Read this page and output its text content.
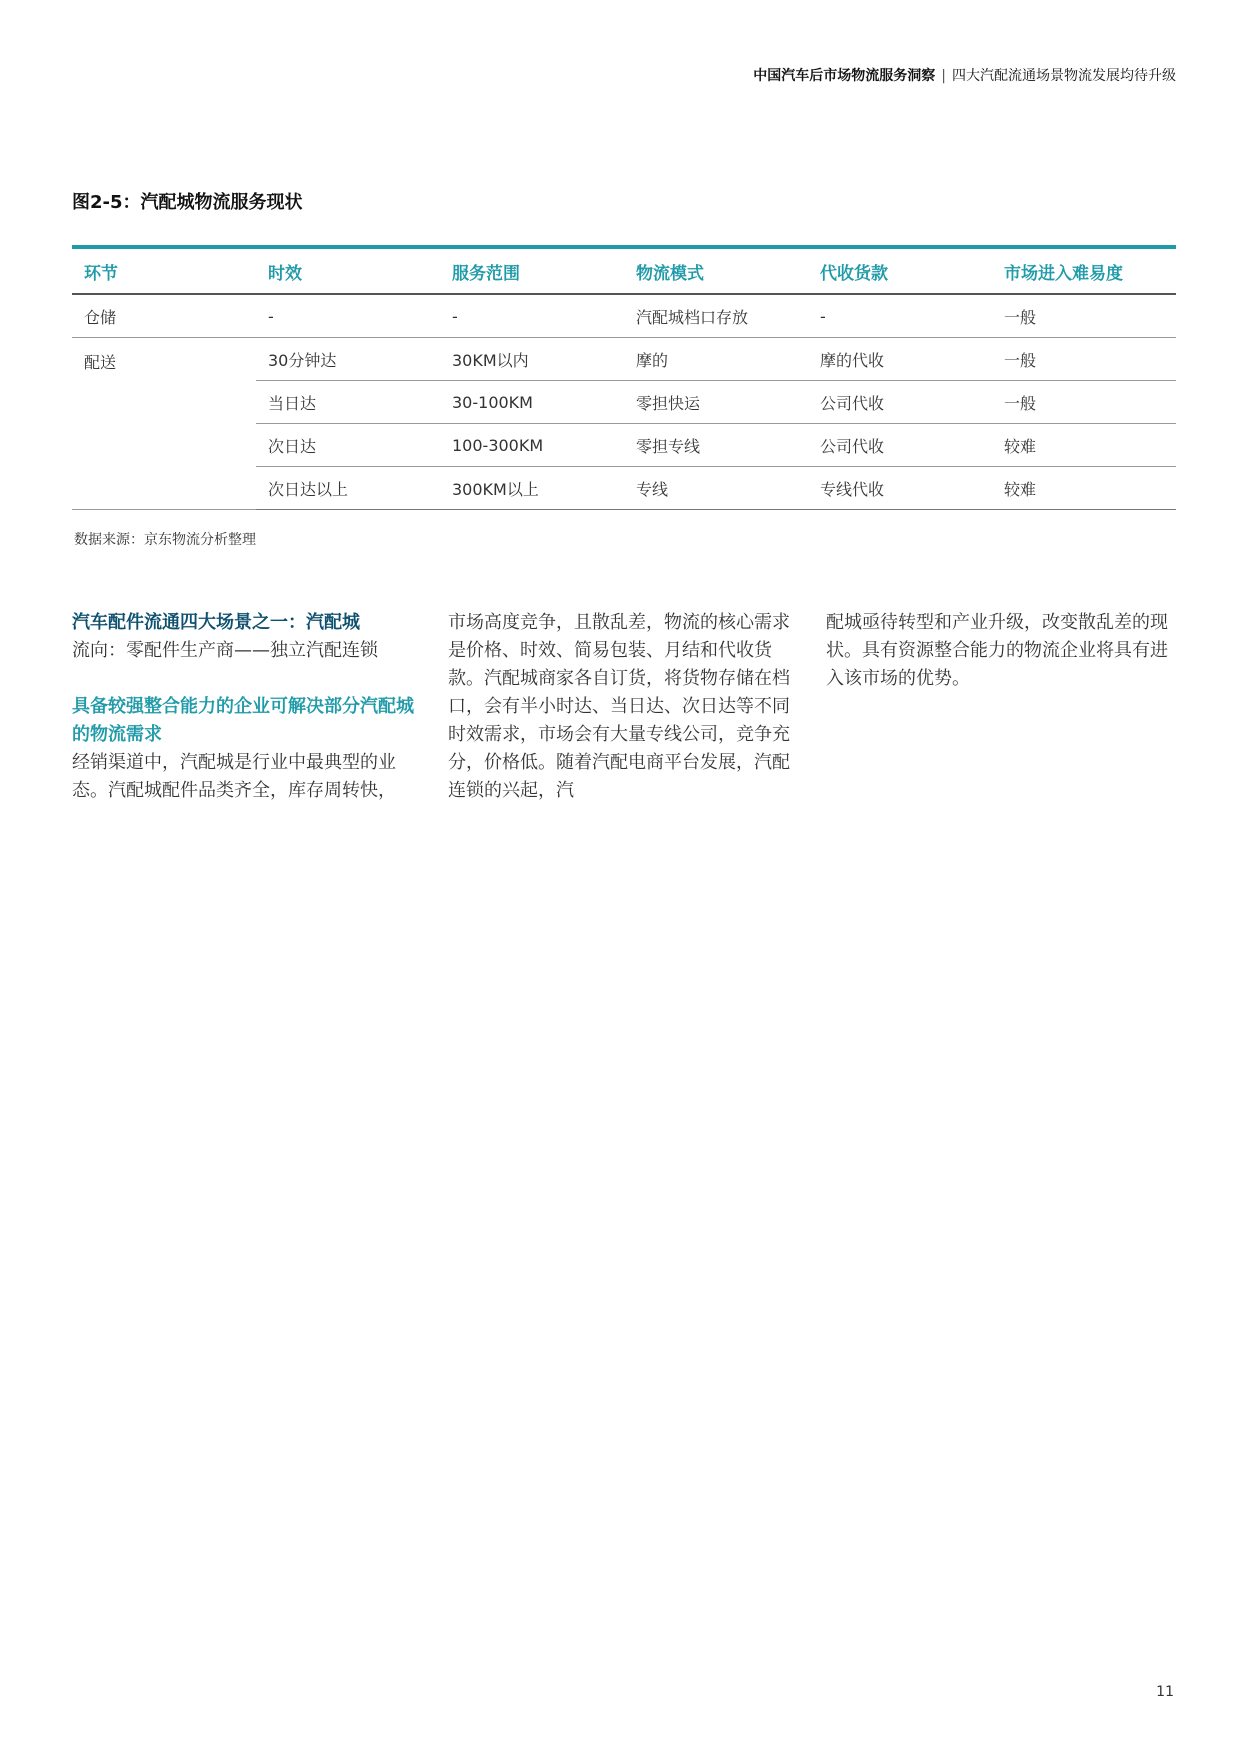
中国汽车后市场物流服务洞察 | 四大汽配流通场景物流发展均待升级
图2-5：汽配城物流服务现状
环节	时效	服务范围	物流模式	代收货款	市场进入难易度
仓储	-	-	汽配城档口存放	-	一般
配送	30分钟达	30KM以内	摩的	摩的代收	一般
	当日达	30-100KM	零担快运	公司代收	一般
	次日达	100-300KM	零担专线	公司代收	较难
	次日达以上	300KM以上	专线	专线代收	较难
数据来源：京东物流分析整理
汽车配件流通四大场景之一：汽配城
流向：零配件生产商——独立汽配连锁
具备较强整合能力的企业可解决部分汽配城的物流需求

经销渠道中，汽配城是行业中最典型的业态。汽配城配件品类齐全，库存周转快，

市场高度竞争，且散乱差，物流的核心需求是价格、时效、简易包装、月结和代收货款。汽配城商家各自订货，将货物存储在档口，会有半小时达、当日达、次日达等不同时效需求，市场会有大量专线公司，竞争充分，价格低。随着汽配电商平台发展，汽配连锁的兴起，汽

配城亟待转型和产业升级，改变散乱差的现状。具有资源整合能力的物流企业将具有进入该市场的优势。

11
